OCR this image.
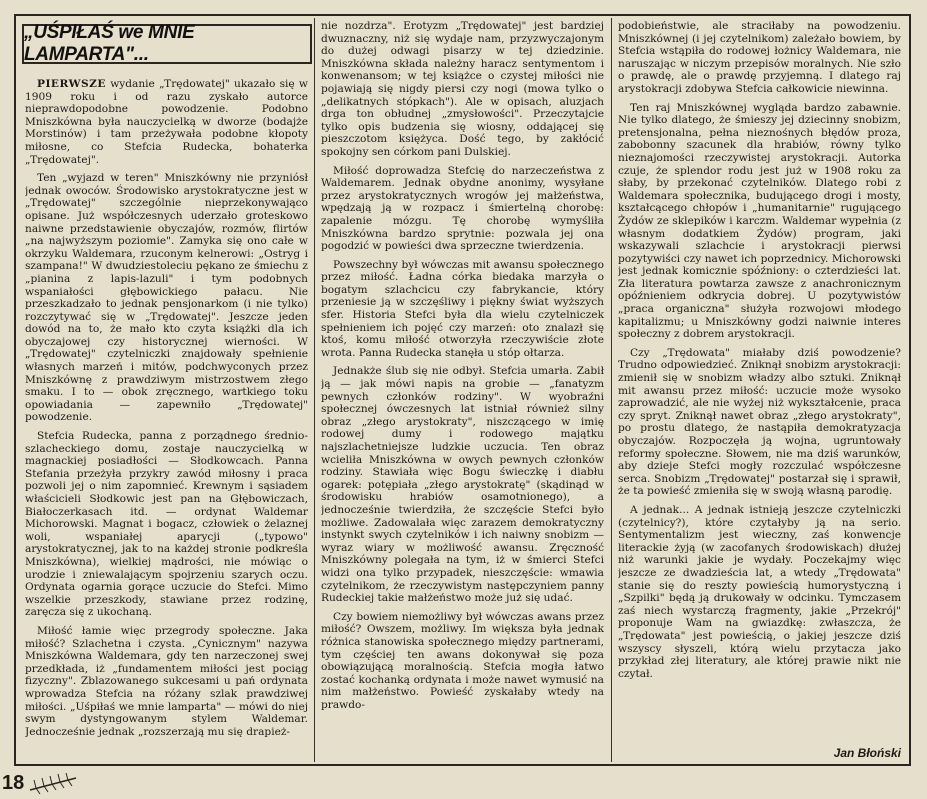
„UŚPIŁAŚ we MNIE LAMPARTA"...

PIERWSZE wydanie „Trędowatej" ukazało się w 1909 roku i od razu zyskało autorce nieprawdopodobne powodzenie. Podobno Mniszkówna była nauczycielką w dworze (bodajże Morstinów) i tam przeżywała podobne kłopoty miłosne, co Stefcia Rudecka, bohaterka „Trędowatej".

Ten „wyjazd w teren" Mniszkówny nie przyniósł jednak owoców. Środowisko arystokratyczne jest w „Trędowatej" szczególnie nieprzekonywająco opisane. Już współczesnych uderzało groteskowo naiwne przedstawienie obyczajów, rozmów, flirtów „na najwyższym poziomie". Zamyka się ono całe w okrzyku Waldemara, rzuconym kelnerowi: „Ostryg i szampana!" W dwudziestoleciu pękano ze śmiechu z „pianina z lapis-lazuli" i tym podobnych wspaniałości głębowickiego pałacu. Nie przeszkadzało to jednak pensjonarkom (i nie tylko) rozczytywać się w „Trędowatej". Jeszcze jeden dowód na to, że mało kto czyta książki dla ich obyczajowej czy historycznej wierności. W „Trędowatej" czytelniczki znajdowały spełnienie własnych marzeń i mitów, podchwyconych przez Mniszkównę z prawdziwym mistrzostwem złego smaku. I to — obok zręcznego, wartkiego toku opowiadania — zapewniło „Trędowatej" powodzenie.

Stefcia Rudecka, panna z porządnego średnio-szlacheckiego domu, zostaje nauczycielką w magnackiej posiadłości — Słodkowcach. Panna Stefania przeżyła przykry zawód miłosny i praca pozwoli jej o nim zapomnieć. Krewnym i sąsiadem właścicieli Słodkowic jest pan na Głębowiczach, Białoczerkasach itd. — ordynat Waldemar Michorowski. Magnat i bogacz, człowiek o żelaznej woli, wspaniałej aparycji („typowo" arystokratycznej, jak to na każdej stronie podkreśla Mniszkówna), wielkiej mądrości, nie mówiąc o urodzie i zniewalającym spojrzeniu szarych oczu. Ordynata ogarnia gorące uczucie do Stefci. Mimo wszelkie przeszkody, stawiane przez rodzinę, zaręcza się z ukochaną.

Miłość łamie więc przegrody społeczne. Jaka miłość? Szlachetna i czysta. „Cynicznym" nazywa Mniszkówna Waldemara, gdy ten narzeczonej swej przedkłada, iż „fundamentem miłości jest pociąg fizyczny". Zblazowanego sukcesami u pań ordynata wprowadza Stefcia na różany szlak prawdziwej miłości. „Uśpiłaś we mnie lamparta" — mówi do niej swym dystyngowanym stylem Waldemar. Jednocześnie jednak „rozszerzają mu się drapież-

nie nozdrza". Erotyzm „Trędowatej" jest bardziej dwuznaczny, niż się wydaje nam, przyzwyczajonym do dużej odwagi pisarzy w tej dziedzinie. Mniszkówna składa należny haracz sentymentom i konwenansom; w tej książce o czystej miłości nie pojawiają się nigdy piersi czy nogi (mowa tylko o „delikatnych stópkach"). Ale w opisach, aluzjach drga ton obłudnej „zmysłowości". Przeczytajcie tylko opis budzenia się wiosny, oddającej się pieszczotom księżyca. Dość tego, by zakłócić spokojny sen córkom pani Dulskiej.

Miłość doprowadza Stefcię do narzeczeństwa z Waldemarem. Jednak obydne anonimy, wysyłane przez arystokratycznych wrogów jej małżeństwa, wpędzają ją w rozpacz i śmiertelną chorobę: zapalenie mózgu. Tę chorobę wymyśliła Mniszkówna bardzo sprytnie: pozwala jej ona pogodzić w powieści dwa sprzeczne twierdzenia.

Powszechny był wówczas mit awansu społecznego przez miłość. Ładna córka biedaka marzyła o bogatym szlachcicu czy fabrykancie, który przeniesie ją w szczęśliwy i piękny świat wyższych sfer. Historia Stefci była dla wielu czytelniczek spełnieniem ich pojęć czy marzeń: oto znalazł się ktoś, komu miłość otworzyła rzeczywiście złote wrota. Panna Rudecka stanęła u stóp ołtarza.

Jednakże ślub się nie odbył. Stefcia umarła. Zabił ją — jak mówi napis na grobie — „fanatyzm pewnych członków rodziny". W wyobraźni społecznej ówczesnych lat istniał również silny obraz „złego arystokraty", niszczącego w imię rodowej dumy i rodowego majątku najszlachetniejsze ludzkie uczucia. Ten obraz wcieliła Mniszkówna w owych pewnych członków rodziny. Stawiała więc Bogu świeczkę i diabłu ogarek: potępiała „złego arystokratę" (skądinąd w środowisku hrabiów osamotnionego), a jednocześnie twierdziła, że szczęście Stefci było możliwe. Zadowalała więc zarazem demokratyczny instynkt swych czytelników i ich naiwny snobizm — wyraz wiary w możliwość awansu. Zręczność Mniszkówny polegała na tym, iż w śmierci Stefci widzi ona tylko przypadek, nieszczęście: wmawia czytelnikom, że rzeczywistym następczyniem panny Rudeckiej takie małżeństwo może już się udać.

Czy bowiem niemożliwy był wówczas awans przez miłość? Owszem, możliwy. Im większa była jednak różnica stanowiska społecznego między partnerami, tym częściej ten awans dokonywał się poza obowiązującą moralnością. Stefcia mogła łatwo zostać kochanką ordynata i może nawet wymusić na nim małżeństwo. Powieść zyskałaby wtedy na prawdo-

podobieństwie, ale straciłaby na powodzeniu. Mniszkównej (i jej czytelnikom) zależało bowiem, by Stefcia wstąpiła do rodowej łożnicy Waldemara, nie naruszając w niczym przepisów moralnych. Nie szło o prawdę, ale o prawdę przyjemną. I dlatego raj arystokracji zdobywa Stefcia całkowicie niewinna.

Ten raj Mniszkównej wygląda bardzo zabawnie. Nie tylko dlatego, że śmieszy jej dziecinny snobizm, pretensjonalna, pełna nieznośnych błędów proza, zabobonny szacunek dla hrabiów, równy tylko nieznajomości rzeczywistej arystokracji. Autorka czuje, że splendor rodu jest już w 1908 roku za słaby, by przekonać czytelników. Dlatego robi z Waldemara społecznika, budującego drogi i mosty, kształcącego chłopów i „humanitarnie" rugującego Żydów ze sklepików i karczm. Waldemar wypełnia (z własnym dodatkiem Żydów) program, jaki wskazywali szlachcie i arystokracji pierwsi pozytywiści czy nawet ich poprzednicy. Michorowski jest jednak komicznie spóźniony: o czterdzieści lat. Zła literatura powtarza zawsze z anachronicznym opóźnieniem odkrycia dobrej. U pozytywistów „praca organiczna" służyła rozwojowi młodego kapitalizmu; u Mniszkówny godzi naiwnie interes społeczny z dobrem arystokracji.

Czy „Trędowata" miałaby dziś powodzenie? Trudno odpowiedzieć. Zniknął snobizm arystokracji: zmienił się w snobizm władzy albo sztuki. Zniknął mit awansu przez miłość: uczucie może wysoko zaprowadzić, ale nie wyżej niż wykształcenie, praca czy spryt. Zniknął nawet obraz „złego arystokraty", po prostu dlatego, że nastąpiła demokratyzacja obyczajów. Rozpoczęła ją wojna, ugruntowały reformy społeczne. Słowem, nie ma dziś warunków, aby dzieje Stefci mogły rozczulać współczesne serca. Snobizm „Trędowatej" postarzał się i sprawił, że ta powieść zmieniła się w swoją własną parodię.

A jednak... A jednak istnieją jeszcze czytelniczki (czytelnicy?), które czytałyby ją na serio. Sentymentalizm jest wieczny, zaś konwencje literackie żyją (w zacofanych środowiskach) dłużej niż warunki jakie je wydały. Poczekajmy więc jeszcze ze dwadzieścia lat, a wtedy „Trędowata" stanie się do reszty powieścią humorystyczną i „Szpilki" będą ją drukowały w odcinku. Tymczasem zaś niech wystarczą fragmenty, jakie „Przekrój" proponuje Wam na gwiazdkę: zwłaszcza, że „Trędowata" jest powieścią, o jakiej jeszcze dziś wszyscy słyszeli, którą wielu przytacza jako przykład złej literatury, ale której prawie nikt nie czytał.

Jan Błoński
18
